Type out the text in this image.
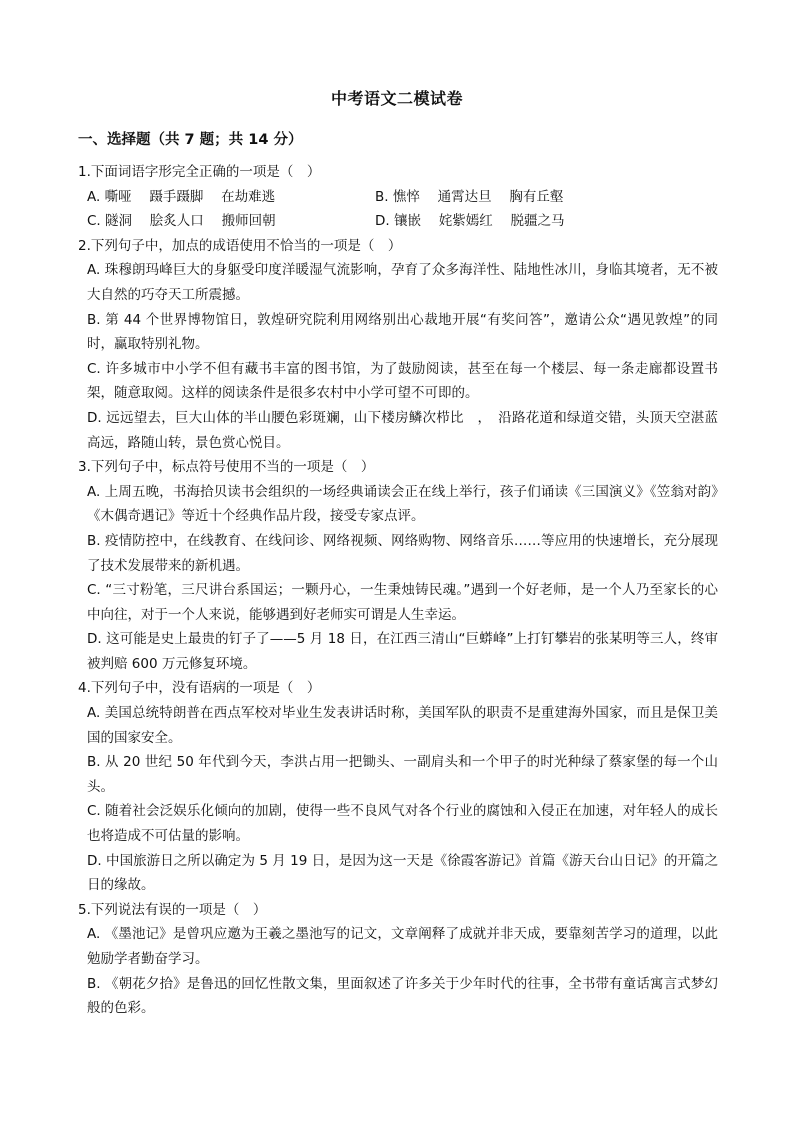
中考语文二模试卷
一、选择题（共 7 题；共 14 分）
1.下面词语字形完全正确的一项是（　）
A. 嘶哑　 蹑手蹑脚　 在劫难逃	B. 憔悴　 通霄达旦　 胸有丘壑
C. 隧洞　 脍炙人口　 搬师回朝	D. 镶嵌　 姹紫嫣红　 脱疆之马
2.下列句子中，加点的成语使用不恰当的一项是（　）
A. 珠穆朗玛峰巨大的身躯受印度洋暖湿气流影响，孕育了众多海洋性、陆地性冰川，身临其境者，无不被大自然的巧夺天工所震撼。
B. 第 44 个世界博物馆日，敦煌研究院利用网络别出心裁地开展“有奖问答”，邀请公众“遇见敦煌”的同时，赢取特别礼物。
C. 许多城市中小学不但有藏书丰富的图书馆，为了鼓励阅读，甚至在每一个楼层、每一条走廊都设置书架，随意取阅。这样的阅读条件是很多农村中小学可望不可即的。
D. 远远望去，巨大山体的半山腰色彩斑斓，山下楼房鳞次栉比　，　沿路花道和绿道交错，头顶天空湛蓝高远，路随山转，景色赏心悦目。
3.下列句子中，标点符号使用不当的一项是（　）
A. 上周五晚，书海拾贝读书会组织的一场经典诵读会正在线上举行，孩子们诵读《三国演义》《笠翁对韵》《木偶奇遇记》等近十个经典作品片段，接受专家点评。
B. 疫情防控中，在线教育、在线问诊、网络视频、网络购物、网络音乐……等应用的快速增长，充分展现了技术发展带来的新机遇。
C. “三寸粉笔，三尺讲台系国运；一颗丹心，一生秉烛铸民魂。”遇到一个好老师，是一个人乃至家长的心中向往，对于一个人来说，能够遇到好老师实可谓是人生幸运。
D. 这可能是史上最贵的钉子了——5 月 18 日，在江西三清山“巨蟒峰”上打钉攀岩的张某明等三人，终审被判赔 600 万元修复环境。
4.下列句子中，没有语病的一项是（　）
A. 美国总统特朗普在西点军校对毕业生发表讲话时称，美国军队的职责不是重建海外国家，而且是保卫美国的国家安全。
B. 从 20 世纪 50 年代到今天，李洪占用一把锄头、一副肩头和一个甲子的时光种绿了蔡家堡的每一个山头。
C. 随着社会泛娱乐化倾向的加剧，使得一些不良风气对各个行业的腐蚀和入侵正在加速，对年轻人的成长也将造成不可估量的影响。
D. 中国旅游日之所以确定为 5 月 19 日，是因为这一天是《徐霞客游记》首篇《游天台山日记》的开篇之日的缘故。
5.下列说法有误的一项是（　）
A. 《墨池记》是曾巩应邀为王羲之墨池写的记文，文章阐释了成就并非天成，要靠刻苦学习的道理，以此勉励学者勤奋学习。
B. 《朝花夕拾》是鲁迅的回忆性散文集，里面叙述了许多关于少年时代的往事，全书带有童话寓言式梦幻般的色彩。
